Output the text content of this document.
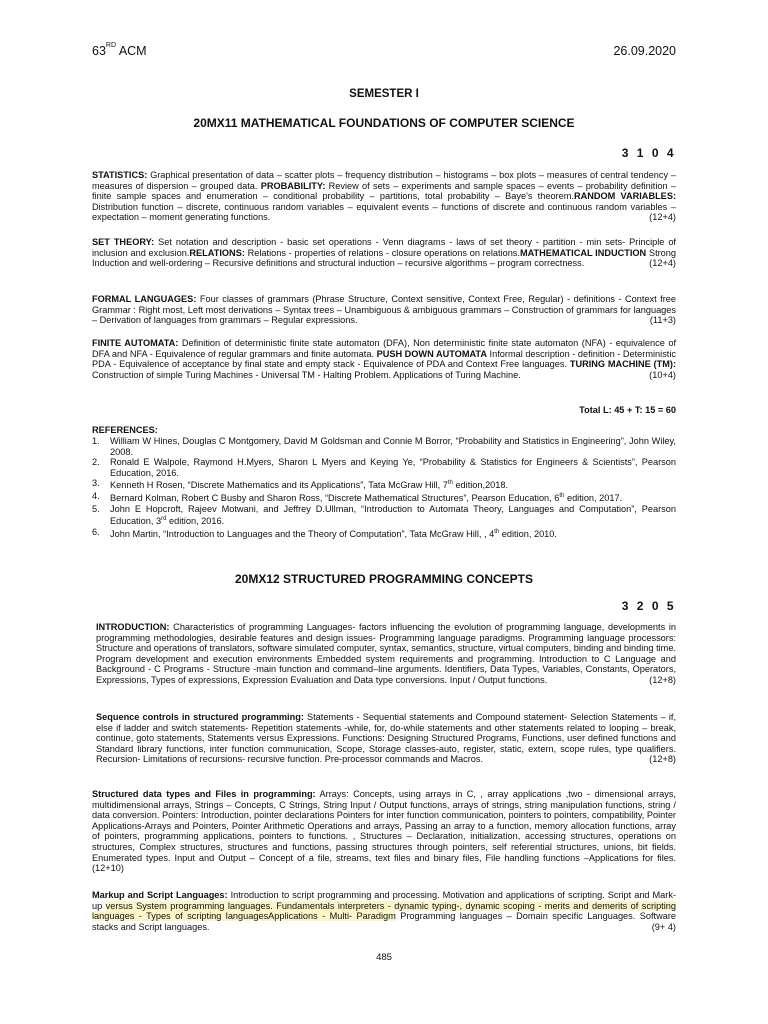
63RD ACM	26.09.2020
SEMESTER I
20MX11 MATHEMATICAL FOUNDATIONS OF COMPUTER SCIENCE
3 1 0 4
STATISTICS: Graphical presentation of data – scatter plots – frequency distribution – histograms – box plots – measures of central tendency – measures of dispersion – grouped data. PROBABILITY: Review of sets – experiments and sample spaces – events – probability definition – finite sample spaces and enumeration – conditional probability – partitions, total probability – Baye's theorem.RANDOM VARIABLES: Distribution function – discrete, continuous random variables – equivalent events – functions of discrete and continuous random variables – expectation – moment generating functions.	(12+4)
SET THEORY: Set notation and description - basic set operations - Venn diagrams - laws of set theory - partition - min sets- Principle of inclusion and exclusion.RELATIONS: Relations - properties of relations - closure operations on relations.MATHEMATICAL INDUCTION Strong Induction and well-ordering – Recursive definitions and structural induction – recursive algorithms – program correctness.	(12+4)
FORMAL LANGUAGES: Four classes of grammars (Phrase Structure, Context sensitive, Context Free, Regular) - definitions - Context free Grammar : Right most, Left most derivations – Syntax trees – Unambiguous & ambiguous grammars – Construction of grammars for languages – Derivation of languages from grammars – Regular expressions.	(11+3)
FINITE AUTOMATA: Definition of deterministic finite state automaton (DFA), Non deterministic finite state automaton (NFA) - equivalence of DFA and NFA - Equivalence of regular grammars and finite automata. PUSH DOWN AUTOMATA Informal description - definition - Deterministic PDA - Equivalence of acceptance by final state and empty stack - Equivalence of PDA and Context Free languages. TURING MACHINE (TM): Construction of simple Turing Machines - Universal TM - Halting Problem. Applications of Turing Machine.	(10+4)
Total L: 45 + T: 15 = 60
REFERENCES:
1. William W Hines, Douglas C Montgomery, David M Goldsman and Connie M Borror, “Probability and Statistics in Engineering”, John Wiley, 2008.
2. Ronald E Walpole, Raymond H.Myers, Sharon L Myers and Keying Ye, “Probability & Statistics for Engineers & Scientists”, Pearson Education, 2016.
3. Kenneth H Rosen, “Discrete Mathematics and its Applications”, Tata McGraw Hill, 7th edition,2018.
4. Bernard Kolman, Robert C Busby and Sharon Ross, “Discrete Mathematical Structures”, Pearson Education, 6th edition, 2017.
5. John E Hopcroft, Rajeev Motwani, and Jeffrey D.Ullman, “Introduction to Automata Theory, Languages and Computation”, Pearson Education, 3rd edition, 2016.
6. John Martin, “Introduction to Languages and the Theory of Computation”, Tata McGraw Hill, , 4th edition, 2010.
20MX12 STRUCTURED PROGRAMMING CONCEPTS
3 2 0 5
INTRODUCTION: Characteristics of programming Languages- factors influencing the evolution of programming language, developments in programming methodologies, desirable features and design issues- Programming language paradigms. Programming language processors: Structure and operations of translators, software simulated computer, syntax, semantics, structure, virtual computers, binding and binding time. Program development and execution environments Embedded system requirements and programming. Introduction to C Language and Background - C Programs - Structure -main function and command–line arguments. Identifiers, Data Types, Variables, Constants, Operators, Expressions, Types of expressions, Expression Evaluation and Data type conversions. Input / Output functions.	(12+8)
Sequence controls in structured programming: Statements - Sequential statements and Compound statement- Selection Statements – if, else if ladder and switch statements- Repetition statements -while, for, do-while statements and other statements related to looping – break, continue, goto statements, Statements versus Expressions. Functions: Designing Structured Programs, Functions, user defined functions and Standard library functions, inter function communication, Scope, Storage classes-auto, register, static, extern, scope rules, type qualifiers. Recursion- Limitations of recursions- recursive function. Pre-processor commands and Macros.	(12+8)
Structured data types and Files in programming: Arrays: Concepts, using arrays in C, , array applications ,two - dimensional arrays, multidimensional arrays, Strings – Concepts, C Strings, String Input / Output functions, arrays of strings, string manipulation functions, string / data conversion. Pointers: Introduction, pointer declarations Pointers for inter function communication, pointers to pointers, compatibility, Pointer Applications-Arrays and Pointers, Pointer Arithmetic Operations and arrays, Passing an array to a function, memory allocation functions, array of pointers, programming applications, pointers to functions. , Structures – Declaration, initialization, accessing structures, operations on structures, Complex structures, structures and functions, passing structures through pointers, self referential structures, unions, bit fields. Enumerated types. Input and Output – Concept of a file, streams, text files and binary files, File handling functions –Applications for files. (12+10)
Markup and Script Languages: Introduction to script programming and processing. Motivation and applications of scripting. Script and Mark-up versus System programming languages. Fundamentals interpreters - dynamic typing-, dynamic scoping - merits and demerits of scripting languages - Types of scripting languagesApplications - Multi- Paradigm Programming languages – Domain specific Languages. Software stacks and Script languages.	(9+ 4)
485
